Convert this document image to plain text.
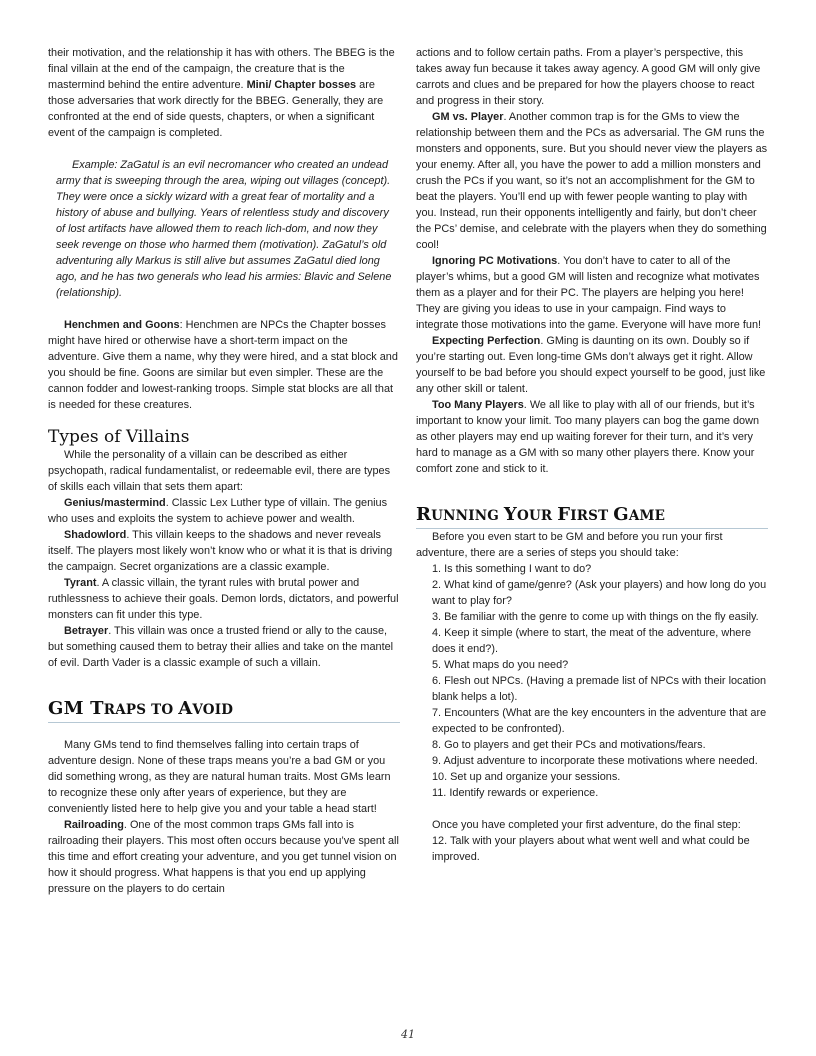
their motivation, and the relationship it has with others. The BBEG is the final villain at the end of the campaign, the creature that is the mastermind behind the entire adventure. Mini/ Chapter bosses are those adversaries that work directly for the BBEG. Generally, they are confronted at the end of side quests, chapters, or when a significant event of the campaign is completed.

Example: ZaGatul is an evil necromancer who created an undead army that is sweeping through the area, wiping out villages (concept). They were once a sickly wizard with a great fear of mortality and a history of abuse and bullying. Years of relentless study and discovery of lost artifacts have allowed them to reach lich-dom, and now they seek revenge on those who harmed them (motivation). ZaGatul’s old adventuring ally Markus is still alive but assumes ZaGatul died long ago, and he has two generals who lead his armies: Blavic and Selene (relationship).

Henchmen and Goons: Henchmen are NPCs the Chapter bosses might have hired or otherwise have a short-term impact on the adventure. Give them a name, why they were hired, and a stat block and you should be fine. Goons are similar but even simpler. These are the cannon fodder and lowest-ranking troops. Simple stat blocks are all that is needed for these creatures.

Types of Villains

While the personality of a villain can be described as either psychopath, radical fundamentalist, or redeemable evil, there are types of skills each villain that sets them apart:

Genius/mastermind. Classic Lex Luther type of villain. The genius who uses and exploits the system to achieve power and wealth.

Shadowlord. This villain keeps to the shadows and never reveals itself. The players most likely won’t know who or what it is that is driving the campaign. Secret organizations are a classic example.

Tyrant. A classic villain, the tyrant rules with brutal power and ruthlessness to achieve their goals. Demon lords, dictators, and powerful monsters can fit under this type.

Betrayer. This villain was once a trusted friend or ally to the cause, but something caused them to betray their allies and take on the mantel of evil. Darth Vader is a classic example of such a villain.

GM TRAPS TO AVOID

Many GMs tend to find themselves falling into certain traps of adventure design. None of these traps means you’re a bad GM or you did something wrong, as they are natural human traits. Most GMs learn to recognize these only after years of experience, but they are conveniently listed here to help give you and your table a head start!

Railroading. One of the most common traps GMs fall into is railroading their players. This most often occurs because you’ve spent all this time and effort creating your adventure, and you get tunnel vision on how it should progress. What happens is that you end up applying pressure on the players to do certain

actions and to follow certain paths. From a player’s perspective, this takes away fun because it takes away agency. A good GM will only give carrots and clues and be prepared for how the players choose to react and progress in their story.

GM vs. Player. Another common trap is for the GMs to view the relationship between them and the PCs as adversarial. The GM runs the monsters and opponents, sure. But you should never view the players as your enemy. After all, you have the power to add a million monsters and crush the PCs if you want, so it’s not an accomplishment for the GM to beat the players. You’ll end up with fewer people wanting to play with you. Instead, run their opponents intelligently and fairly, but don’t cheer the PCs’ demise, and celebrate with the players when they do something cool!

Ignoring PC Motivations. You don’t have to cater to all of the player’s whims, but a good GM will listen and recognize what motivates them as a player and for their PC. The players are helping you here! They are giving you ideas to use in your campaign. Find ways to integrate those motivations into the game. Everyone will have more fun!

Expecting Perfection. GMing is daunting on its own. Doubly so if you’re starting out. Even long-time GMs don’t always get it right. Allow yourself to be bad before you should expect yourself to be good, just like any other skill or talent.

Too Many Players. We all like to play with all of our friends, but it’s important to know your limit. Too many players can bog the game down as other players may end up waiting forever for their turn, and it’s very hard to manage as a GM with so many other players there. Know your comfort zone and stick to it.

RUNNING YOUR FIRST GAME

Before you even start to be GM and before you run your first adventure, there are a series of steps you should take:

1. Is this something I want to do?

2. What kind of game/genre? (Ask your players) and how long do you want to play for?

3. Be familiar with the genre to come up with things on the fly easily.

4. Keep it simple (where to start, the meat of the adventure, where does it end?).

5. What maps do you need?

6. Flesh out NPCs. (Having a premade list of NPCs with their location blank helps a lot).

7. Encounters (What are the key encounters in the adventure that are expected to be confronted).

8. Go to players and get their PCs and motivations/fears.

9. Adjust adventure to incorporate these motivations where needed.

10. Set up and organize your sessions.

11. Identify rewards or experience.

Once you have completed your first adventure, do the final step:

12. Talk with your players about what went well and what could be improved.

41
